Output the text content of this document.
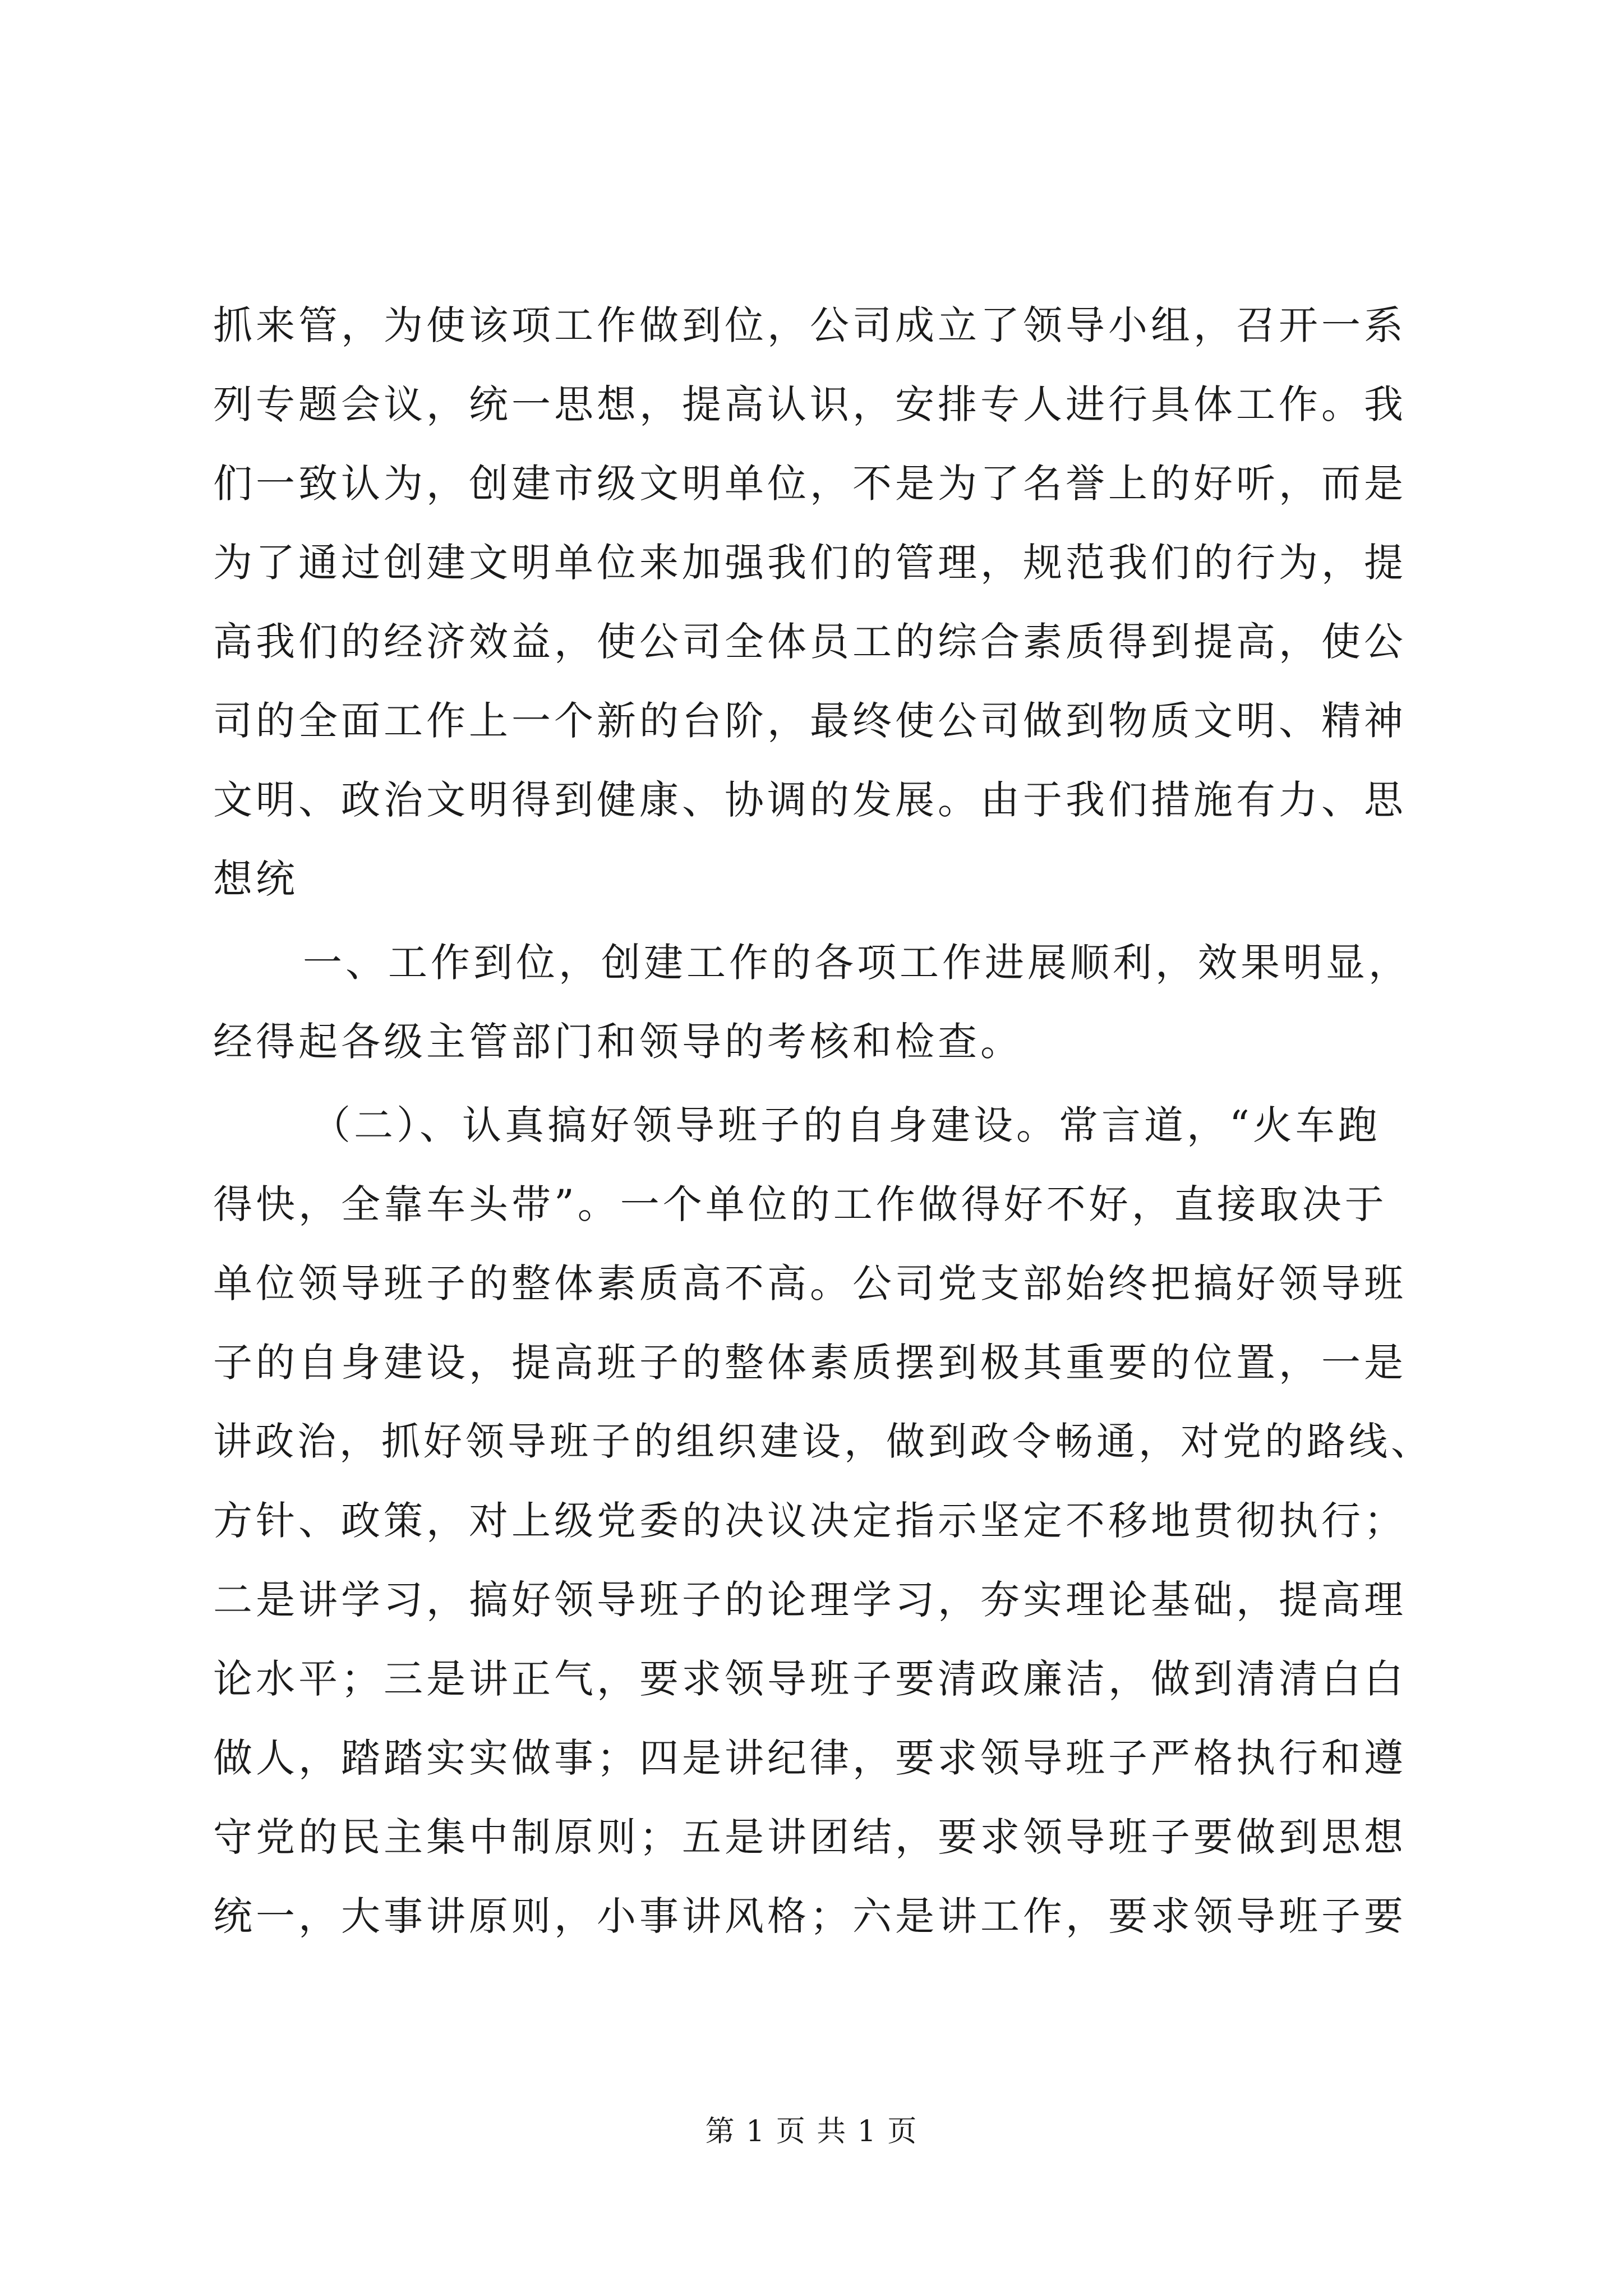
抓来管，为使该项工作做到位，公司成立了领导小组，召开一系
列专题会议，统一思想，提高认识，安排专人进行具体工作。我
们一致认为，创建市级文明单位，不是为了名誉上的好听，而是
为了通过创建文明单位来加强我们的管理，规范我们的行为，提
高我们的经济效益，使公司全体员工的综合素质得到提高，使公
司的全面工作上一个新的台阶，最终使公司做到物质文明、精神
文明、政治文明得到健康、协调的发展。由于我们措施有力、思
想统
一、工作到位，创建工作的各项工作进展顺利，效果明显，
经得起各级主管部门和领导的考核和检查。
（二）、认真搞好领导班子的自身建设。常言道，“火车跑
得快，全靠车头带”。一个单位的工作做得好不好，直接取决于
单位领导班子的整体素质高不高。公司党支部始终把搞好领导班
子的自身建设，提高班子的整体素质摆到极其重要的位置，一是
讲政治，抓好领导班子的组织建设，做到政令畅通，对党的路线、
方针、政策，对上级党委的决议决定指示坚定不移地贯彻执行；
二是讲学习，搞好领导班子的论理学习，夯实理论基础，提高理
论水平；三是讲正气，要求领导班子要清政廉洁，做到清清白白
做人，踏踏实实做事；四是讲纪律，要求领导班子严格执行和遵
守党的民主集中制原则；五是讲团结，要求领导班子要做到思想
统一，大事讲原则，小事讲风格；六是讲工作，要求领导班子要
第 1 页 共 1 页
